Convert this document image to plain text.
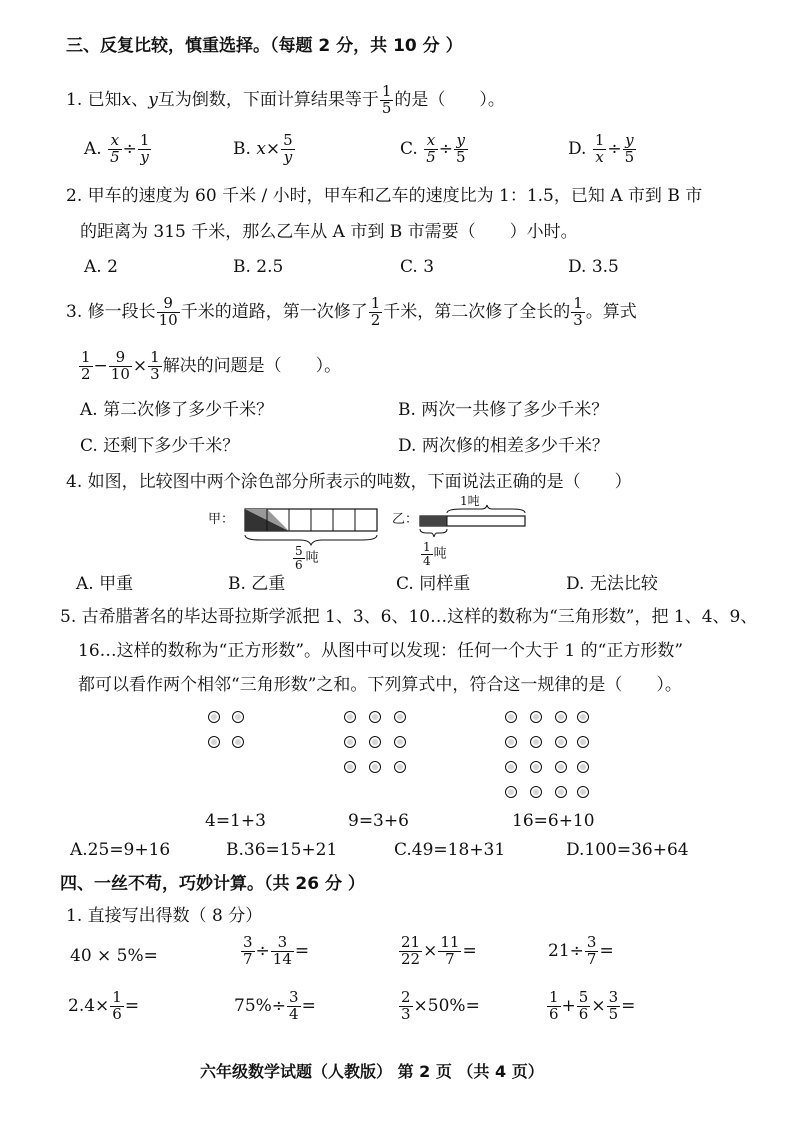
三、反复比较，慎重选择。（每题 2 分，共 10 分 ）
1. 已知x、y互为倒数，下面计算结果等于 $\frac{1}{5}$ 的是（　　）。
A. $\frac{x}{5} \div \frac{1}{y}$	B. $x\times \frac{5}{y}$	C. $\frac{x}{5} \div \frac{y}{5}$	D. $\frac{1}{x} \div \frac{y}{5}$
2. 甲车的速度为 60 千米 / 小时，甲车和乙车的速度比为 1：1.5，已知 A 市到 B 市
的距离为 315 千米，那么乙车从 A 市到 B 市需要（　　）小时。
A. 2	B. 2.5	C. 3	D. 3.5
3. 修一段长 $\frac{9}{10}$ 千米的道路，第一次修了 $\frac{1}{2}$ 千米，第二次修了全长的 $\frac{1}{3}$ 。算式
$\frac{1}{2} - \frac{9}{10} \times \frac{1}{3}$ 解决的问题是（　　）。
A. 第二次修了多少千米？	B. 两次一共修了多少千米？
C. 还剩下多少千米？	D. 两次修的相差多少千米？
4. 如图，比较图中两个涂色部分所表示的吨数，下面说法正确的是（　　）
甲：
$\frac{5}{6}$ 吨
乙：
1吨
$\frac{1}{4}$ 吨
A. 甲重	B. 乙重	C. 同样重	D. 无法比较
5. 古希腊著名的毕达哥拉斯学派把 1、3、6、10…这样的数称为“三角形数”，把 1、4、9、
16…这样的数称为“正方形数”。从图中可以发现：任何一个大于 1 的“正方形数”
都可以看作两个相邻“三角形数”之和。下列算式中，符合这一规律的是（　　）。
4=1+3	9=3+6	16=6+10
A.25=9+16	B.36=15+21	C.49=18+31	D.100=36+64
四、一丝不苟，巧妙计算。（共 26 分 ）
1. 直接写出得数（ 8 分）
40 × 5%=	$\frac{3}{7} \div \frac{3}{14}$ =	$\frac{21}{22} \times \frac{11}{7}$ =	$21\div \frac{3}{7}$ =
$2.4\times \frac{1}{6}$ =	$75\%\div \frac{3}{4}$ =	$\frac{2}{3} \times 50\%=$	$\frac{1}{6} + \frac{5}{6} \times \frac{3}{5}$ =
六年级数学试题（人教版） 第 2 页 （共 4 页）
